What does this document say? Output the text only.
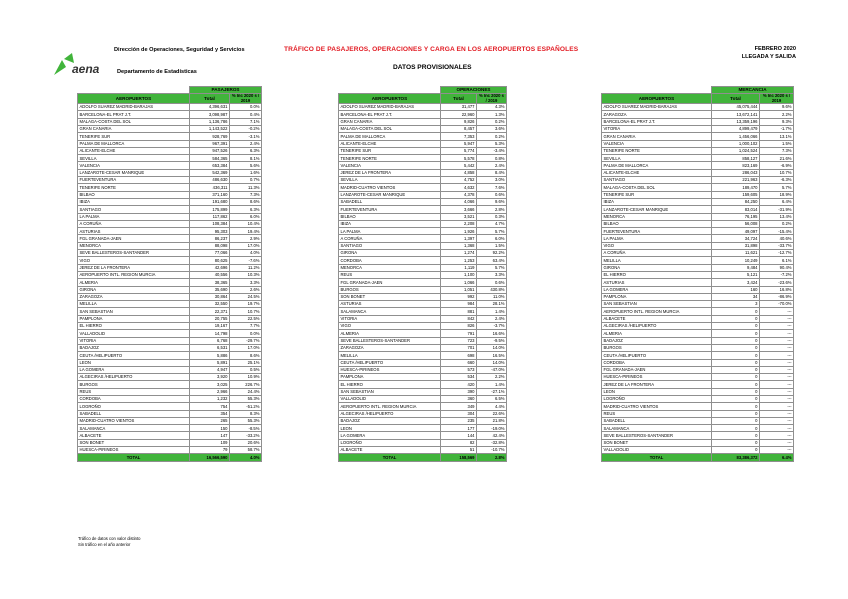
aena
Dirección de Operaciones, Seguridad y Servicios
Departamento de Estadísticas
TRÁFICO DE PASAJEROS, OPERACIONES Y CARGA EN LOS AEROPUERTOS ESPAÑOLES
DATOS PROVISIONALES
FEBRERO 2020
LLEGADA Y SALIDA
	PASAJEROS	
AEROPUERTOS	Total	% Inc 2020 s / 2019
ADOLFO SUAREZ MADRID-BARAJAS	4,396,631	0.0%
BARCELONA-EL PRAT J.T.	3,098,987	0.4%
MALAGA-COSTA DEL SOL	1,136,786	7.1%
GRAN CANARIA	1,143,522	-0.2%
TENERIFE SUR	928,769	-3.1%
PALMA DE MALLORCA	967,391	2.4%
ALICANTE-ELCHE	947,526	6.3%
SEVILLA	584,365	8.1%
VALENCIA	653,384	5.6%
LANZAROTE-CESAR MANRIQUE	542,369	1.6%
FUERTEVENTURA	486,630	0.7%
TENERIFE NORTE	436,311	11.3%
BILBAO	371,160	7.3%
IBIZA	191,680	8.6%
SANTIAGO	175,899	6.3%
LA PALMA	117,862	6.0%
A CORUÑA	108,384	10.4%
ASTURIAS	95,303	19.4%
FGL GRANADA-JAEN	86,237	2.9%
MENORCA	88,098	17.0%
SEVE BALLESTEROS-SANTANDER	77,066	4.0%
VIGO	80,625	-7.6%
JEREZ DE LA FRONTERA	42,696	11.2%
AEROPUERTO INTL. REGION MURCIA	40,556	10.3%
ALMERIA	38,365	3.3%
GIRONA	35,690	2.6%
ZARAGOZA	30,864	24.5%
MELILLA	32,550	19.7%
SAN SEBASTIAN	22,371	10.7%
PAMPLONA	20,755	22.5%
EL HIERRO	19,167	7.7%
VALLADOLID	14,798	0.0%
VITORIA	6,768	-29.7%
BADAJOZ	6,531	17.0%
CEUTA /HELIPUERTO	5,886	8.6%
LEON	5,891	25.1%
LA GOMERA	4,947	0.5%
ALGECIRAS /HELIPUERTO	3,920	10.9%
BURGOS	3,025	226.7%
REUS	2,966	24.4%
CORDOBA	1,232	55.3%
LOGROÑO	754	-51.2%
SABADELL	354	8.3%
MADRID-CUATRO VIENTOS	265	55.3%
SALAMANCA	150	-8.5%
ALBACETE	147	-33.2%
SON BONET	109	20.6%
HUESCA-PIRINEOS	79	58.7%
TOTAL	16,566,590	4.0%
	OPERACIONES	
AEROPUERTOS	Total	% Inc 2020 s / 2019
ADOLFO SUAREZ MADRID-BARAJAS	31,477	4.3%
BARCELONA-EL PRAT J.T.	22,960	1.3%
GRAN CANARIA	9,826	0.2%
MALAGA-COSTA DEL SOL	8,457	3.6%
PALMA DE MALLORCA	7,353	0.2%
ALICANTE-ELCHE	5,947	5.3%
TENERIFE SUR	5,774	-3.4%
TENERIFE NORTE	5,578	0.8%
VALENCIA	5,442	2.4%
JEREZ DE LA FRONTERA	4,858	8.4%
SEVILLA	4,752	3.0%
MADRID-CUATRO VIENTOS	4,632	7.6%
LANZAROTE-CESAR MANRIQUE	4,378	0.6%
SABADELL	4,066	9.6%
FUERTEVENTURA	3,666	2.8%
BILBAO	3,521	0.3%
IBIZA	2,208	4.7%
LA PALMA	1,926	5.7%
A CORUÑA	1,397	6.0%
SANTIAGO	1,368	1.5%
GIRONA	1,274	92.2%
CORDOBA	1,253	63.4%
MENORCA	1,119	5.7%
REUS	1,100	3.3%
FGL GRANADA-JAEN	1,066	0.6%
BURGOS	1,051	430.8%
SON BONET	992	11.0%
ASTURIAS	984	28.1%
SALAMANCA	881	1.4%
VITORIA	842	2.4%
VIGO	826	-3.7%
ALMERIA	791	16.6%
SEVE BALLESTEROS-SANTANDER	723	-9.5%
ZARAGOZA	701	14.0%
MELILLA	698	16.5%
CEUTA /HELIPUERTO	660	14.0%
HUESCA-PIRINEOS	573	-47.0%
PAMPLONA	534	2.2%
EL HIERRO	420	1.4%
SAN SEBASTIAN	390	-27.1%
VALLADOLID	360	6.5%
AEROPUERTO INTL. REGION MURCIA	349	4.4%
ALGECIRAS /HELIPUERTO	304	22.6%
BADAJOZ	235	21.8%
LEON	177	-19.0%
LA GOMERA	144	42.4%
LOGROÑO	82	-32.8%
ALBACETE	51	-10.7%
TOTAL	158,569	2.8%
	MERCANCIA	
AEROPUERTOS	Total	% Inc 2020 s / 2019
ADOLFO SUAREZ MADRID-BARAJAS	45,075,444	9.6%
ZARAGOZA	13,672,141	2.2%
BARCELONA-EL PRAT J.T.	13,359,196	9.3%
VITORIA	4,899,479	-1.7%
GRAN CANARIA	1,456,066	13.1%
VALENCIA	1,000,102	1.5%
TENERIFE NORTE	1,024,524	7.3%
SEVILLA	858,127	21.6%
PALMA DE MALLORCA	823,169	-6.9%
ALICANTE-ELCHE	286,043	10.7%
SANTIAGO	221,963	-6.3%
MALAGA-COSTA DEL SOL	189,470	5.7%
TENERIFE SUR	159,605	18.9%
IBIZA	84,250	6.4%
LANZAROTE-CESAR MANRIQUE	83,014	-31.9%
MENORCA	76,195	13.4%
BILBAO	56,008	0.2%
FUERTEVENTURA	49,097	-15.4%
LA PALMA	34,724	40.6%
VIGO	31,898	-33.7%
A CORUÑA	11,621	-12.7%
MELILLA	10,249	6.1%
GIRONA	9,484	90.4%
EL HIERRO	5,121	-7.2%
ASTURIAS	3,424	-23.6%
LA GOMERA	160	16.8%
PAMPLONA	34	-86.9%
SAN SEBASTIAN	3	-70.0%
AEROPUERTO INTL. REGION MURCIA	0	---
ALBACETE	0	---
ALGECIRAS /HELIPUERTO	0	---
ALMERIA	0	---
BADAJOZ	0	---
BURGOS	0	---
CEUTA /HELIPUERTO	0	---
CORDOBA	0	---
FGL GRANADA-JAEN	0	---
HUESCA-PIRINEOS	0	---
JEREZ DE LA FRONTERA	0	---
LEON	0	---
LOGROÑO	0	---
MADRID-CUATRO VIENTOS	0	---
REUS	0	---
SABADELL	0	---
SALAMANCA	0	---
SEVE BALLESTEROS-SANTANDER	0	---
SON BONET	0	---
VALLADOLID	0	---
TOTAL	83,386,372	6.4%
Tráfico de datos con valor distinto
Sin tráfico en el año anterior
